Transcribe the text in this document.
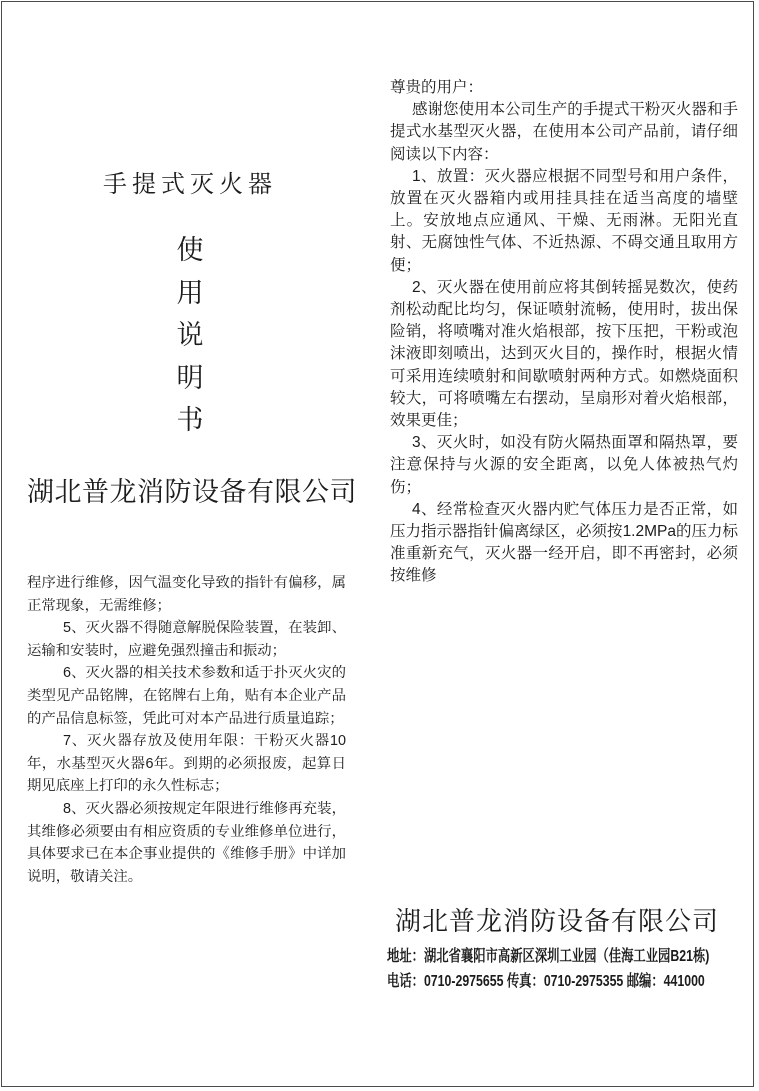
手提式灭火器
使
用
说
明
书
湖北普龙消防设备有限公司

尊贵的用户：

感谢您使用本公司生产的手提式干粉灭火器和手提式水基型灭火器，在使用本公司产品前，请仔细阅读以下内容：

1、放置：灭火器应根据不同型号和用户条件，放置在灭火器箱内或用挂具挂在适当高度的墙壁上。安放地点应通风、干燥、无雨淋。无阳光直射、无腐蚀性气体、不近热源、不碍交通且取用方便；

2、灭火器在使用前应将其倒转摇晃数次，使药剂松动配比均匀，保证喷射流畅，使用时，拔出保险销，将喷嘴对准火焰根部，按下压把，干粉或泡沫液即刻喷出，达到灭火目的，操作时，根据火情可采用连续喷射和间歇喷射两种方式。如燃烧面积较大，可将喷嘴左右摆动，呈扇形对着火焰根部，效果更佳；

3、灭火时，如没有防火隔热面罩和隔热罩，要注意保持与火源的安全距离，以免人体被热气灼伤；

4、经常检查灭火器内贮气体压力是否正常，如压力指示器指针偏离绿区，必须按1.2MPa的压力标准重新充气，灭火器一经开启，即不再密封，必须按维修

程序进行维修，因气温变化导致的指针有偏移，属正常现象，无需维修；

5、灭火器不得随意解脱保险装置，在装卸、运输和安装时，应避免强烈撞击和振动；

6、灭火器的相关技术参数和适于扑灭火灾的类型见产品铭牌，在铭牌右上角，贴有本企业产品的产品信息标签，凭此可对本产品进行质量追踪；

7、灭火器存放及使用年限：干粉灭火器10年，水基型灭火器6年。到期的必须报废，起算日期见底座上打印的永久性标志；

8、灭火器必须按规定年限进行维修再充装，其维修必须要由有相应资质的专业维修单位进行，具体要求已在本企事业提供的《维修手册》中详加说明，敬请关注。

湖北普龙消防设备有限公司
地址：湖北省襄阳市高新区深圳工业园（佳海工业园B21栋)
电话：0710-2975655 传真：0710-2975355 邮编：441000
